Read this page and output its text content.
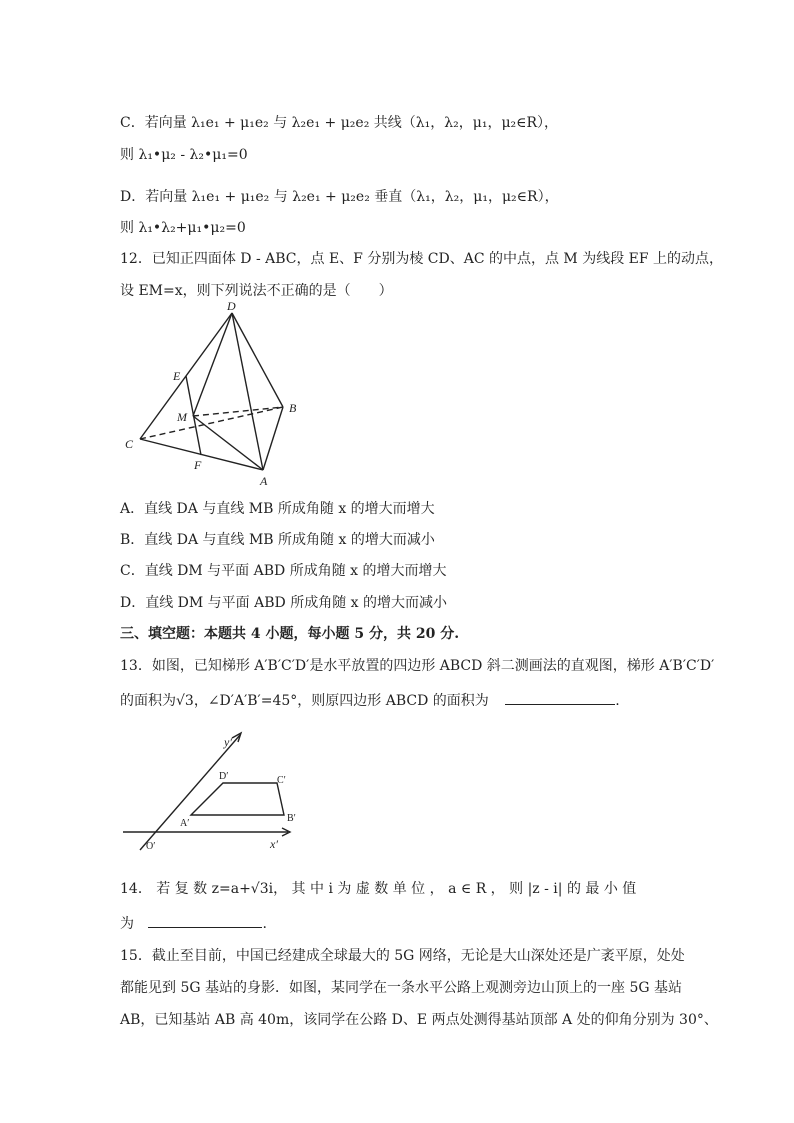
C．若向量 λ₁e₁ + μ₁e₂ 与 λ₂e₁ + μ₂e₂ 共线（λ₁，λ₂，μ₁，μ₂∈R），
则 λ₁•μ₂ - λ₂•μ₁=0
D．若向量 λ₁e₁ + μ₁e₂ 与 λ₂e₁ + μ₂e₂ 垂直（λ₁，λ₂，μ₁，μ₂∈R），
则 λ₁•λ₂+μ₁•μ₂=0
12．已知正四面体 D - ABC，点 E、F 分别为棱 CD、AC 的中点，点 M 为线段 EF 上的动点，
设 EM=x，则下列说法不正确的是（　　）
D
E
M
B
C
F
A
A．直线 DA 与直线 MB 所成角随 x 的增大而增大
B．直线 DA 与直线 MB 所成角随 x 的增大而减小
C．直线 DM 与平面 ABD 所成角随 x 的增大而增大
D．直线 DM 与平面 ABD 所成角随 x 的增大而减小
三、填空题：本题共 4 小题，每小题 5 分，共 20 分.
13．如图，已知梯形 A′B′C′D′是水平放置的四边形 ABCD 斜二测画法的直观图，梯形 A′B′C′D′
的面积为√3，∠D′A′B′=45°，则原四边形 ABCD 的面积为	.
y′
D′	C′
A′	B′
O′	x′
14． 若 复 数 z=a+√3i， 其 中 i 为 虚 数 单 位 ， a ∈ R ， 则 |z - i| 的 最 小 值
为	.
15．截止至目前，中国已经建成全球最大的 5G 网络，无论是大山深处还是广袤平原，处处
都能见到 5G 基站的身影．如图，某同学在一条水平公路上观测旁边山顶上的一座 5G 基站
AB，已知基站 AB 高 40m，该同学在公路 D、E 两点处测得基站顶部 A 处的仰角分别为 30°、
